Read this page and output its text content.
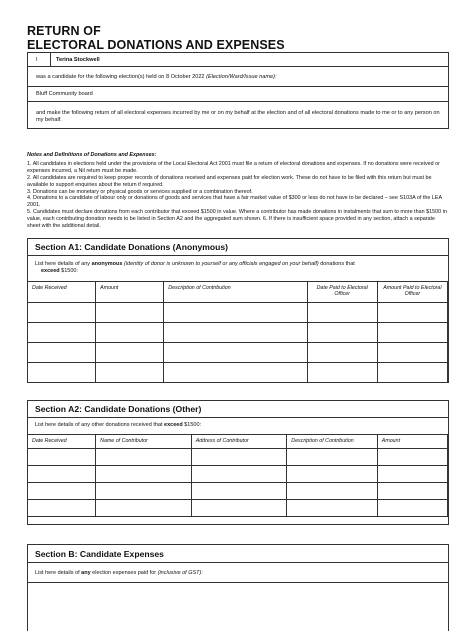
RETURN OF
ELECTORAL DONATIONS AND EXPENSES
I	Terina Stockwell
was a candidate for the following election(s) held on 8 October 2022 (Election/Ward/Issue name):
Bluff Community board
and make the following return of all electoral expenses incurred by me or on my behalf at the election and of all electoral donations made to me or to any person on my behalf.
Notes and Definitions of Donations and Expenses:
1. All candidates in elections held under the provisions of the Local Electoral Act 2001 must file a return of electoral donations and expenses. If no donations were received or expenses incurred, a Nil return must be made.
2. All candidates are required to keep proper records of donations received and expenses paid for election work. These do not have to be filed with this return but must be available to support enquiries about the return if required.
3. Donations can be monetary or physical goods or services supplied or a combination thereof.
4. Donations to a candidate of labour only or donations of goods and services that have a fair market value of $300 or less do not have to be declared – see S103A of the LEA 2001.
5. Candidates must declare donations from each contributor that exceed $1500 in value. Where a contributor has made donations in instalments that sum to more than $1500 in value, each contributing donation needs to be listed in Section A2 and the aggregated sum shown. 6. If there is insufficient space provided in any section, attach a separate sheet with the additional detail.
Section A1: Candidate Donations (Anonymous)
List here details of any anonymous (identity of donor is unknown to yourself or any officials engaged on your behalf) donations that
exceed $1500:
Date Received	Amount	Description of Contribution	Date Paid to Electoral Officer	Amount Paid to Electoral Officer

Section A2: Candidate Donations (Other)
List here details of any other donations received that exceed $1500:
Date Received	Name of Contributor	Address of Contributor	Description of Contribution	Amount

Section B: Candidate Expenses
List here details of any election expenses paid for (inclusive of GST):
